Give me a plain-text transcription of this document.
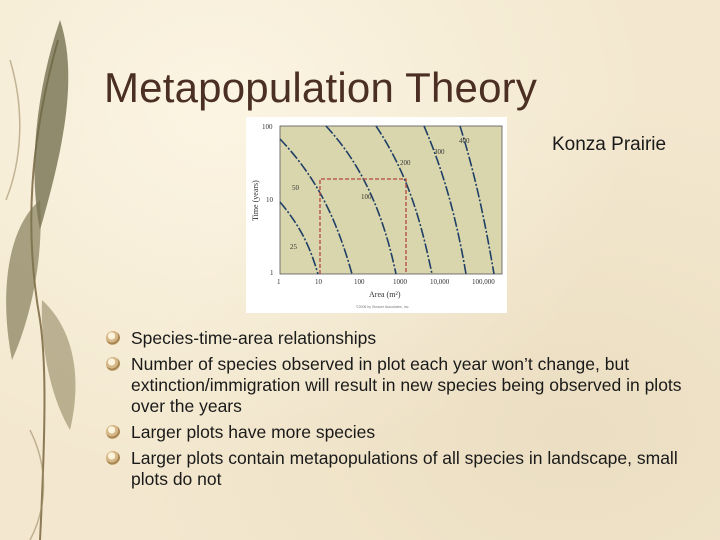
Metapopulation Theory
400
300
200
100
50
25
100
10
1
1	10	100	1000	10,000	100,000
Area (m²)
Time (years)
©2006 by Sinauer Associates, Inc.
Konza Prairie
Species-time-area relationships
Number of species observed in plot each year won’t change, but extinction/immigration will result in new species being observed in plots over the years
Larger plots have more species
Larger plots contain metapopulations of all species in landscape, small plots do not
